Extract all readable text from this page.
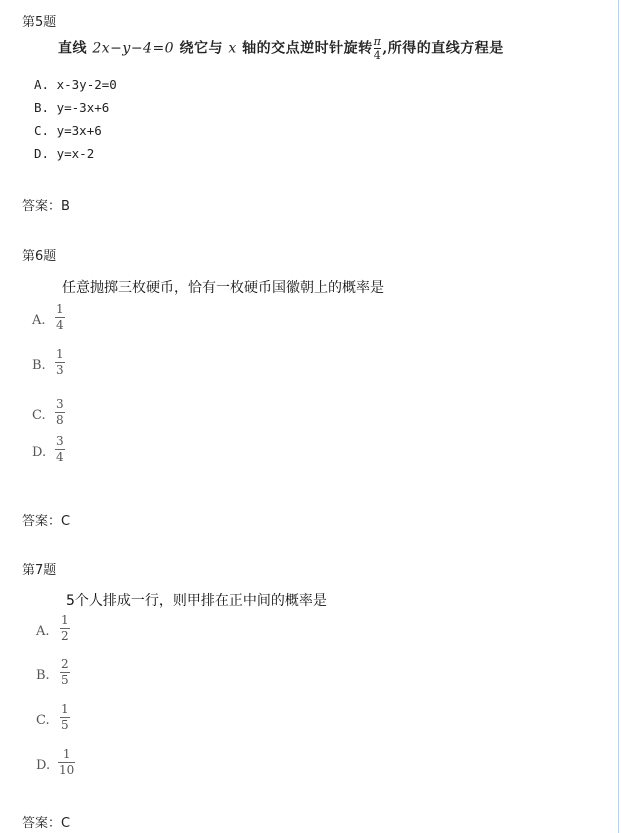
第5题
直线 2x−y−4=0 绕它与 x 轴的交点逆时针旋转 $\frac{\pi}{4}$ ,所得的直线方程是
A. x-3y-2=0
B. y=-3x+6
C. y=3x+6
D. y=x-2
答案：B
第6题
任意抛掷三枚硬币，恰有一枚硬币国徽朝上的概率是
A.
1
4
B.
1
3
C.
3
8
D.
3
4
答案：C
第7题
5个人排成一行，则甲排在正中间的概率是
A.
1
2
B.
2
5
C.
1
5
D.
1
10
答案：C
